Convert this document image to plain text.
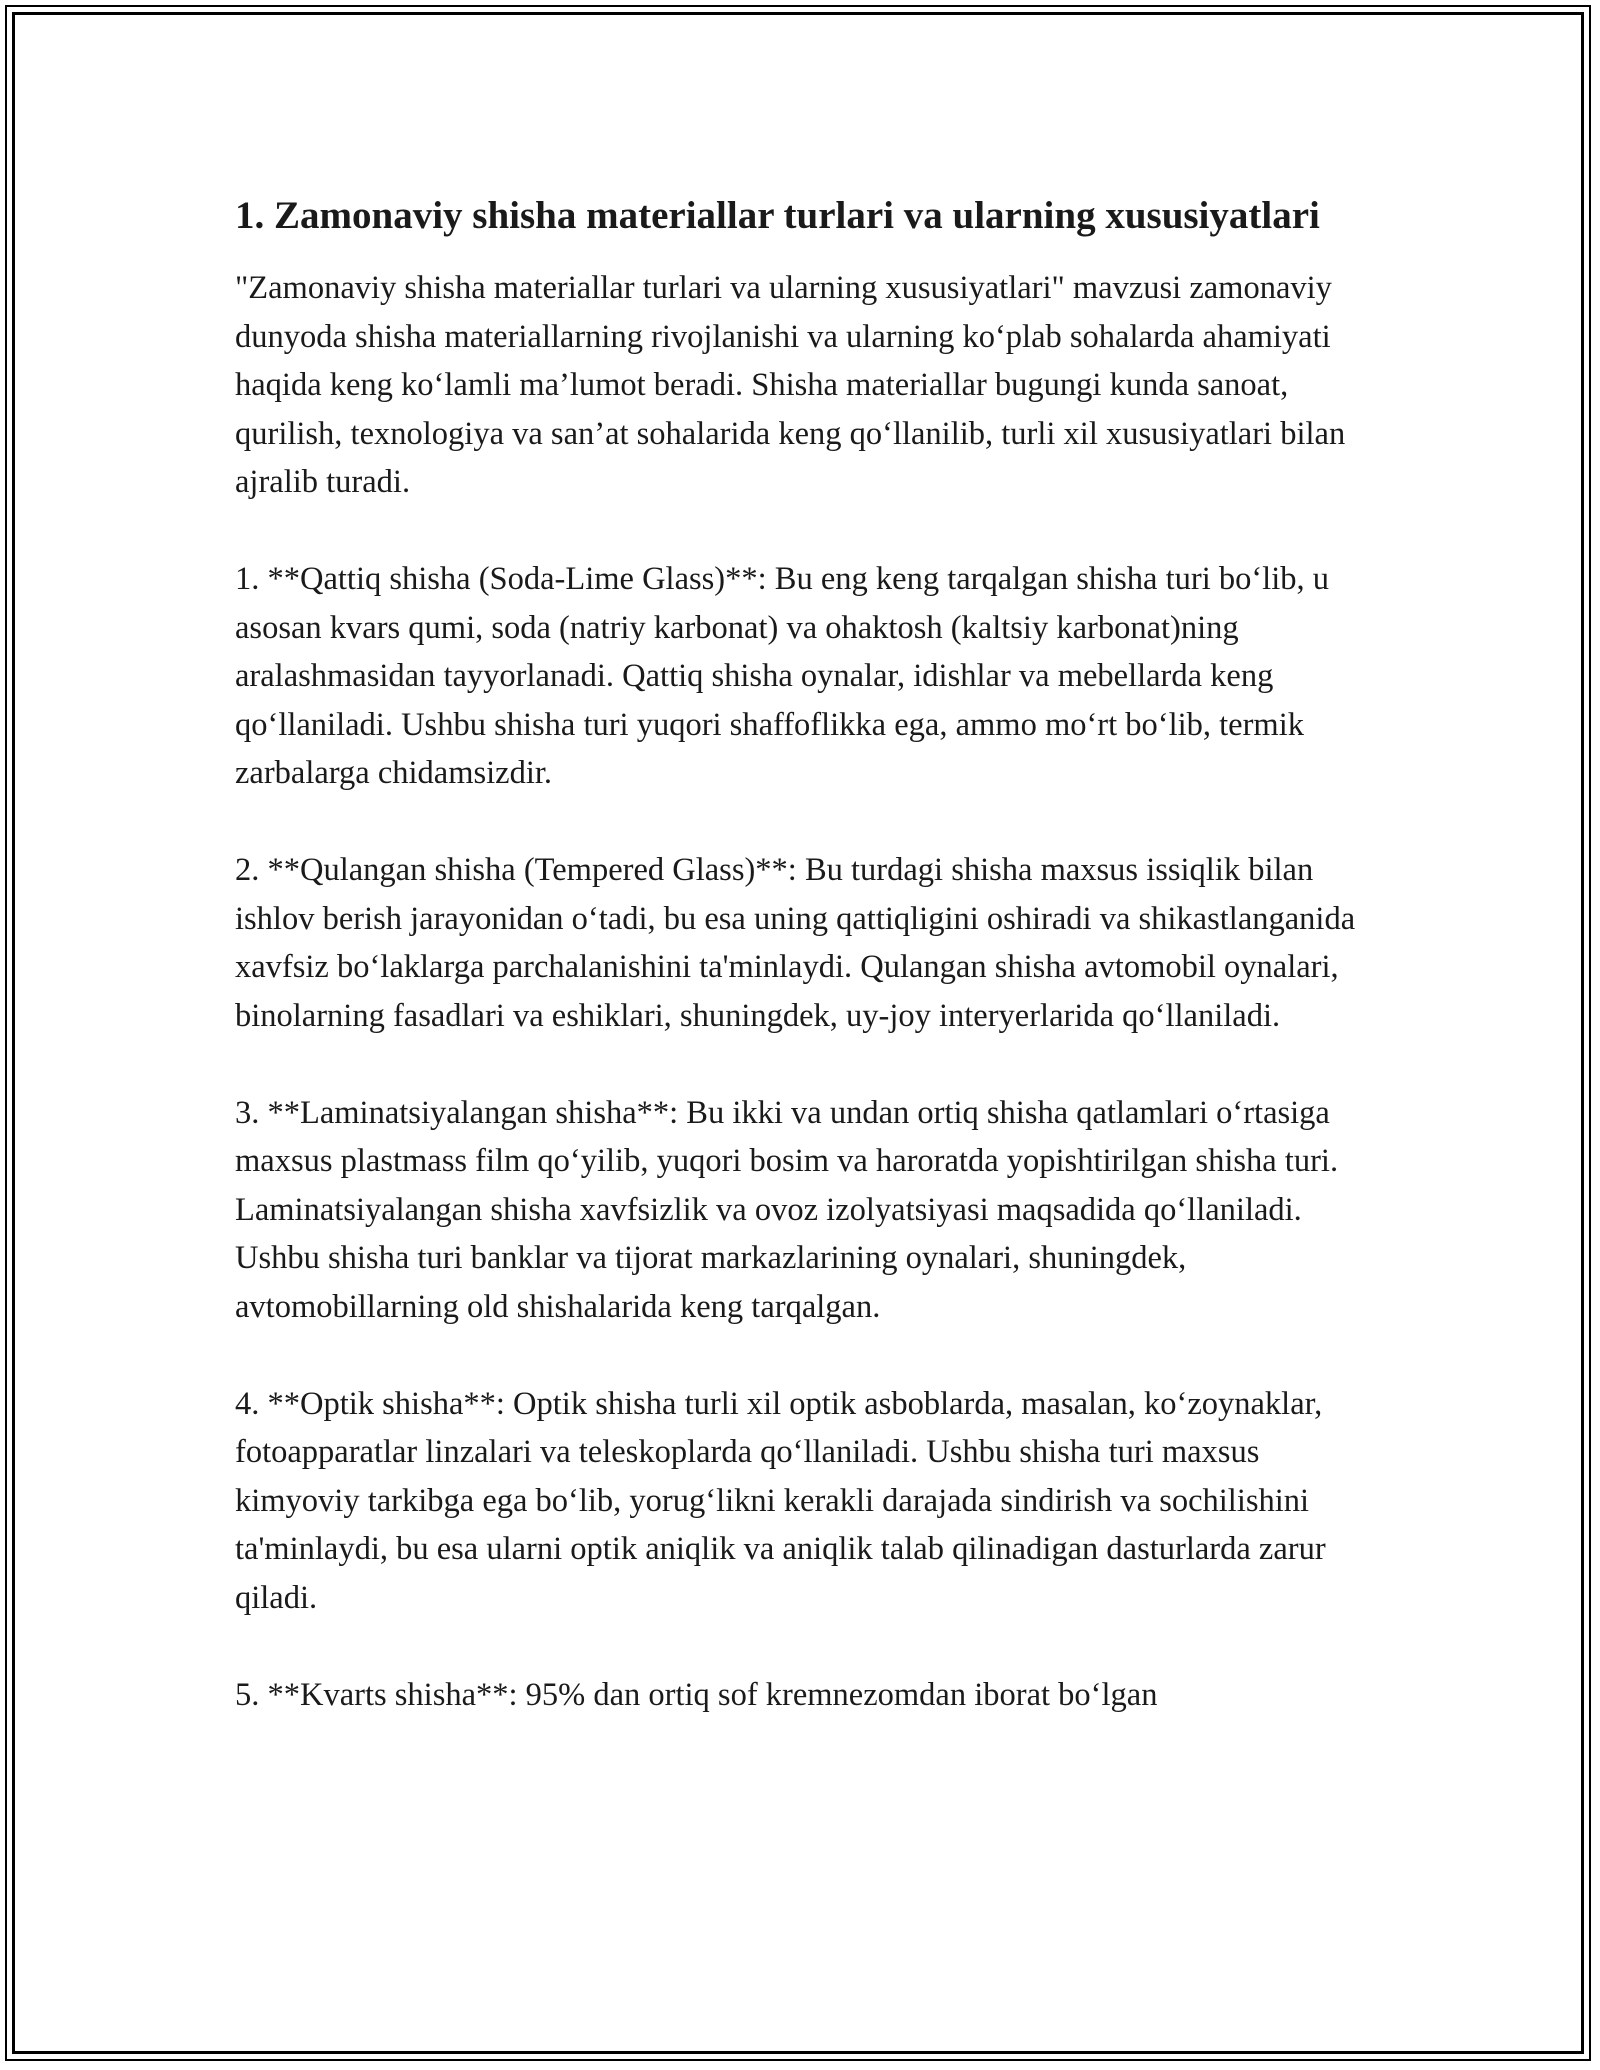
1. Zamonaviy shisha materiallar turlari va ularning xususiyatlari

"Zamonaviy shisha materiallar turlari va ularning xususiyatlari" mavzusi zamonaviy dunyoda shisha materiallarning rivojlanishi va ularning ko‘plab sohalarda ahamiyati haqida keng ko‘lamli ma’lumot beradi. Shisha materiallar bugungi kunda sanoat, qurilish, texnologiya va san’at sohalarida keng qo‘llanilib, turli xil xususiyatlari bilan ajralib turadi.

1. **Qattiq shisha (Soda-Lime Glass)**: Bu eng keng tarqalgan shisha turi bo‘lib, u asosan kvars qumi, soda (natriy karbonat) va ohaktosh (kaltsiy karbonat)ning aralashmasidan tayyorlanadi. Qattiq shisha oynalar, idishlar va mebellarda keng qo‘llaniladi. Ushbu shisha turi yuqori shaffoflikka ega, ammo mo‘rt bo‘lib, termik zarbalarga chidamsizdir.

2. **Qulangan shisha (Tempered Glass)**: Bu turdagi shisha maxsus issiqlik bilan ishlov berish jarayonidan o‘tadi, bu esa uning qattiqligini oshiradi va shikastlanganida xavfsiz bo‘laklarga parchalanishini ta'minlaydi. Qulangan shisha avtomobil oynalari, binolarning fasadlari va eshiklari, shuningdek, uy-joy interyerlarida qo‘llaniladi.

3. **Laminatsiyalangan shisha**: Bu ikki va undan ortiq shisha qatlamlari o‘rtasiga maxsus plastmass film qo‘yilib, yuqori bosim va haroratda yopishtirilgan shisha turi. Laminatsiyalangan shisha xavfsizlik va ovoz izolyatsiyasi maqsadida qo‘llaniladi. Ushbu shisha turi banklar va tijorat markazlarining oynalari, shuningdek, avtomobillarning old shishalarida keng tarqalgan.

4. **Optik shisha**: Optik shisha turli xil optik asboblarda, masalan, ko‘zoynaklar, fotoapparatlar linzalari va teleskoplarda qo‘llaniladi. Ushbu shisha turi maxsus kimyoviy tarkibga ega bo‘lib, yorug‘likni kerakli darajada sindirish va sochilishini ta'minlaydi, bu esa ularni optik aniqlik va aniqlik talab qilinadigan dasturlarda zarur qiladi.

5. **Kvarts shisha**: 95% dan ortiq sof kremnezomdan iborat bo‘lgan
